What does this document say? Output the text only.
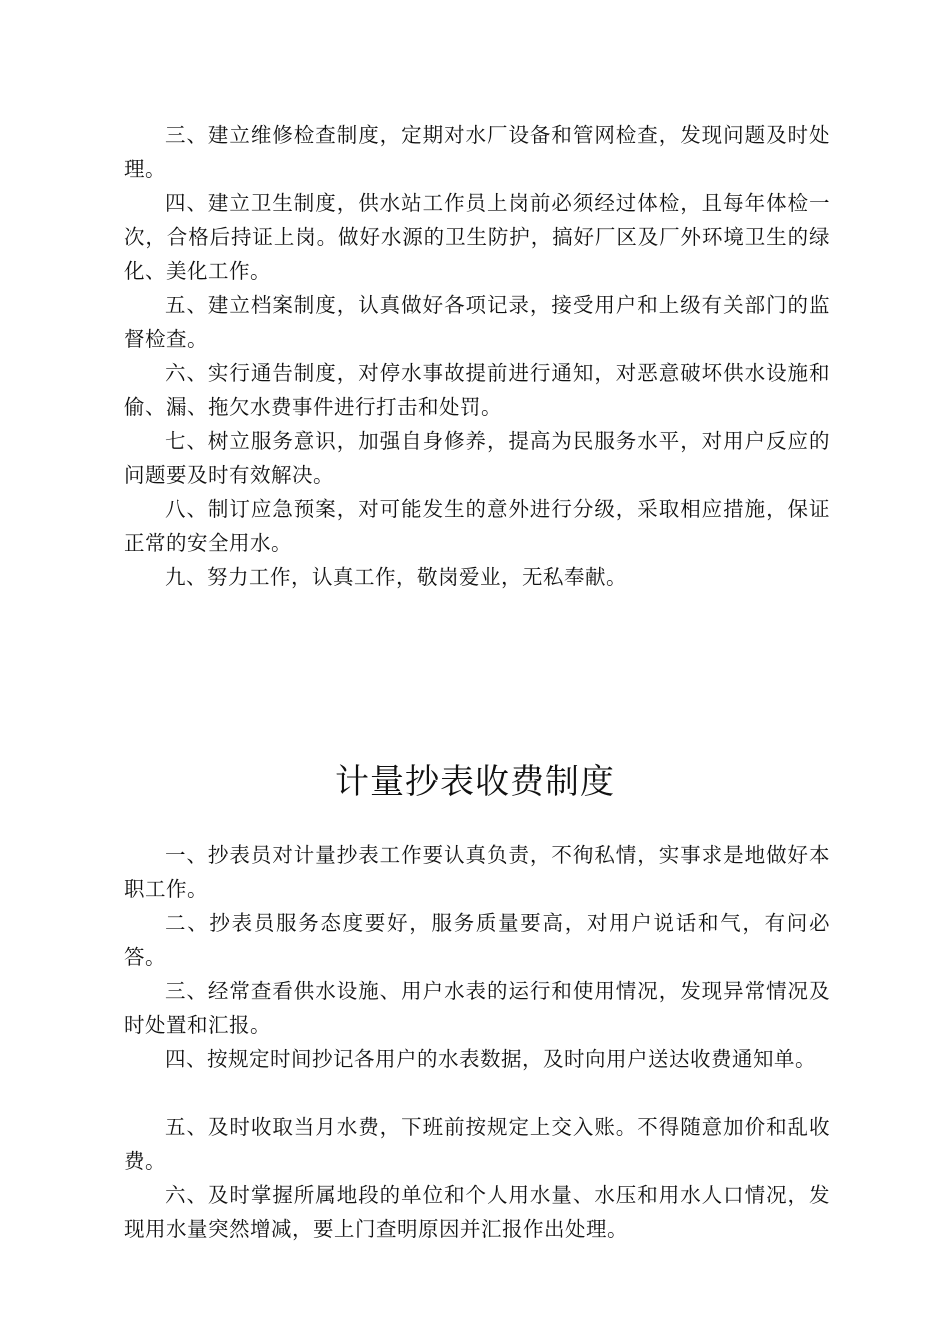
三、建立维修检查制度，定期对水厂设备和管网检查，发现问题及时处理。

四、建立卫生制度，供水站工作员上岗前必须经过体检，且每年体检一次，合格后持证上岗。做好水源的卫生防护，搞好厂区及厂外环境卫生的绿化、美化工作。

五、建立档案制度，认真做好各项记录，接受用户和上级有关部门的监督检查。

六、实行通告制度，对停水事故提前进行通知，对恶意破坏供水设施和偷、漏、拖欠水费事件进行打击和处罚。

七、树立服务意识，加强自身修养，提高为民服务水平，对用户反应的问题要及时有效解决。

八、制订应急预案，对可能发生的意外进行分级，采取相应措施，保证正常的安全用水。

九、努力工作，认真工作，敬岗爱业，无私奉献。

计量抄表收费制度

一、抄表员对计量抄表工作要认真负责，不徇私情，实事求是地做好本职工作。

二、抄表员服务态度要好，服务质量要高，对用户说话和气，有问必答。

三、经常查看供水设施、用户水表的运行和使用情况，发现异常情况及时处置和汇报。

四、按规定时间抄记各用户的水表数据，及时向用户送达收费通知单。

五、及时收取当月水费，下班前按规定上交入账。不得随意加价和乱收费。

六、及时掌握所属地段的单位和个人用水量、水压和用水人口情况，发现用水量突然增减，要上门查明原因并汇报作出处理。
